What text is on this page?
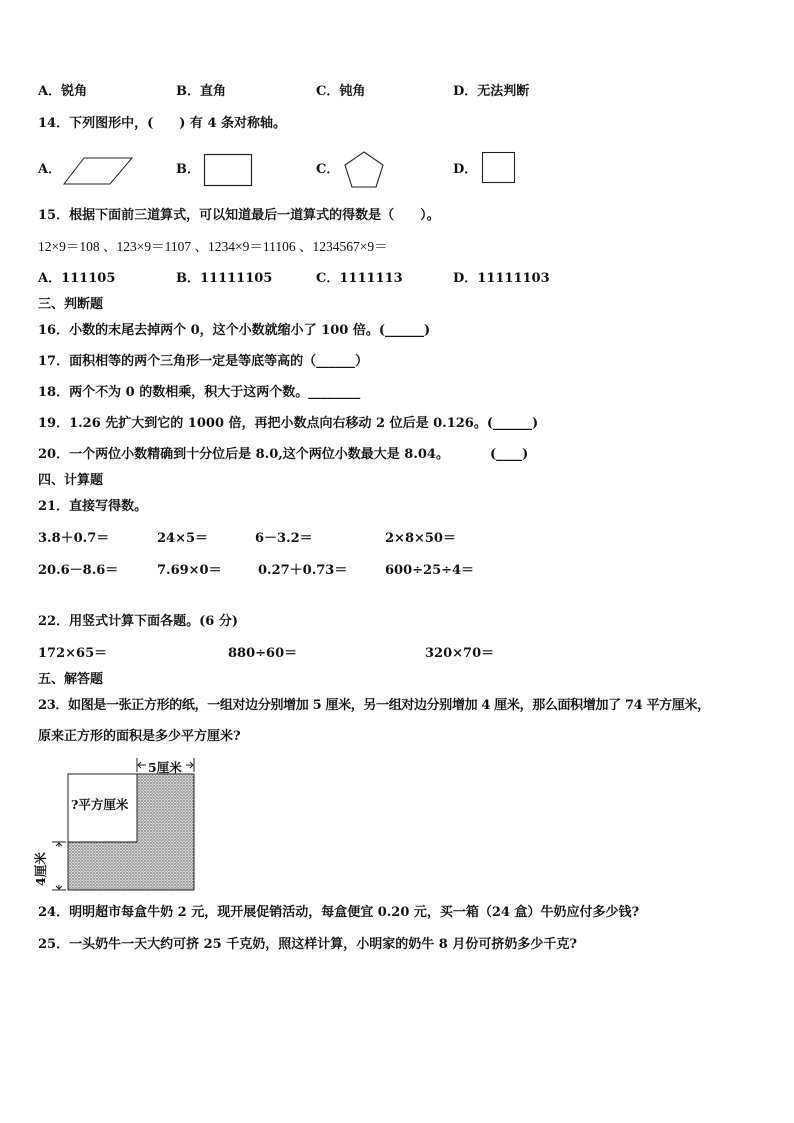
A．锐角	B．直角	C．钝角	D．无法判断
14．下列图形中，(　　) 有 4 条对称轴。
A．	B．	C．	D．
15．根据下面前三道算式，可以知道最后一道算式的得数是（　　）。
12×9＝108 、123×9＝1107 、1234×9＝11106 、1234567×9＝
A．111105	B．11111105	C．1111113	D．11111103
三、判断题
16．小数的末尾去掉两个 0，这个小数就缩小了 100 倍。(______)
17．面积相等的两个三角形一定是等底等高的（______）
18．两个不为 0 的数相乘，积大于这两个数。________
19．1.26 先扩大到它的 1000 倍，再把小数点向右移动 2 位后是 0.126。(______)
20．一个两位小数精确到十分位后是 8.0,这个两位小数最大是 8.04。	(____)
四、计算题
21．直接写得数。
3.8＋0.7＝	24×5＝	6－3.2＝	2×8×50＝
20.6－8.6＝	7.69×0＝	0.27＋0.73＝	600÷25÷4＝
22．用竖式计算下面各题。(6 分)
172×65＝	880÷60＝	320×70＝
五、解答题
23．如图是一张正方形的纸，一组对边分别增加 5 厘米，另一组对边分别增加 4 厘米，那么面积增加了 74 平方厘米，
原来正方形的面积是多少平方厘米?
5厘米
?平方厘米
4厘米
24．明明超市每盒牛奶 2 元，现开展促销活动，每盒便宜 0.20 元，买一箱（24 盒）牛奶应付多少钱?
25．一头奶牛一天大约可挤 25 千克奶，照这样计算，小明家的奶牛 8 月份可挤奶多少千克?
